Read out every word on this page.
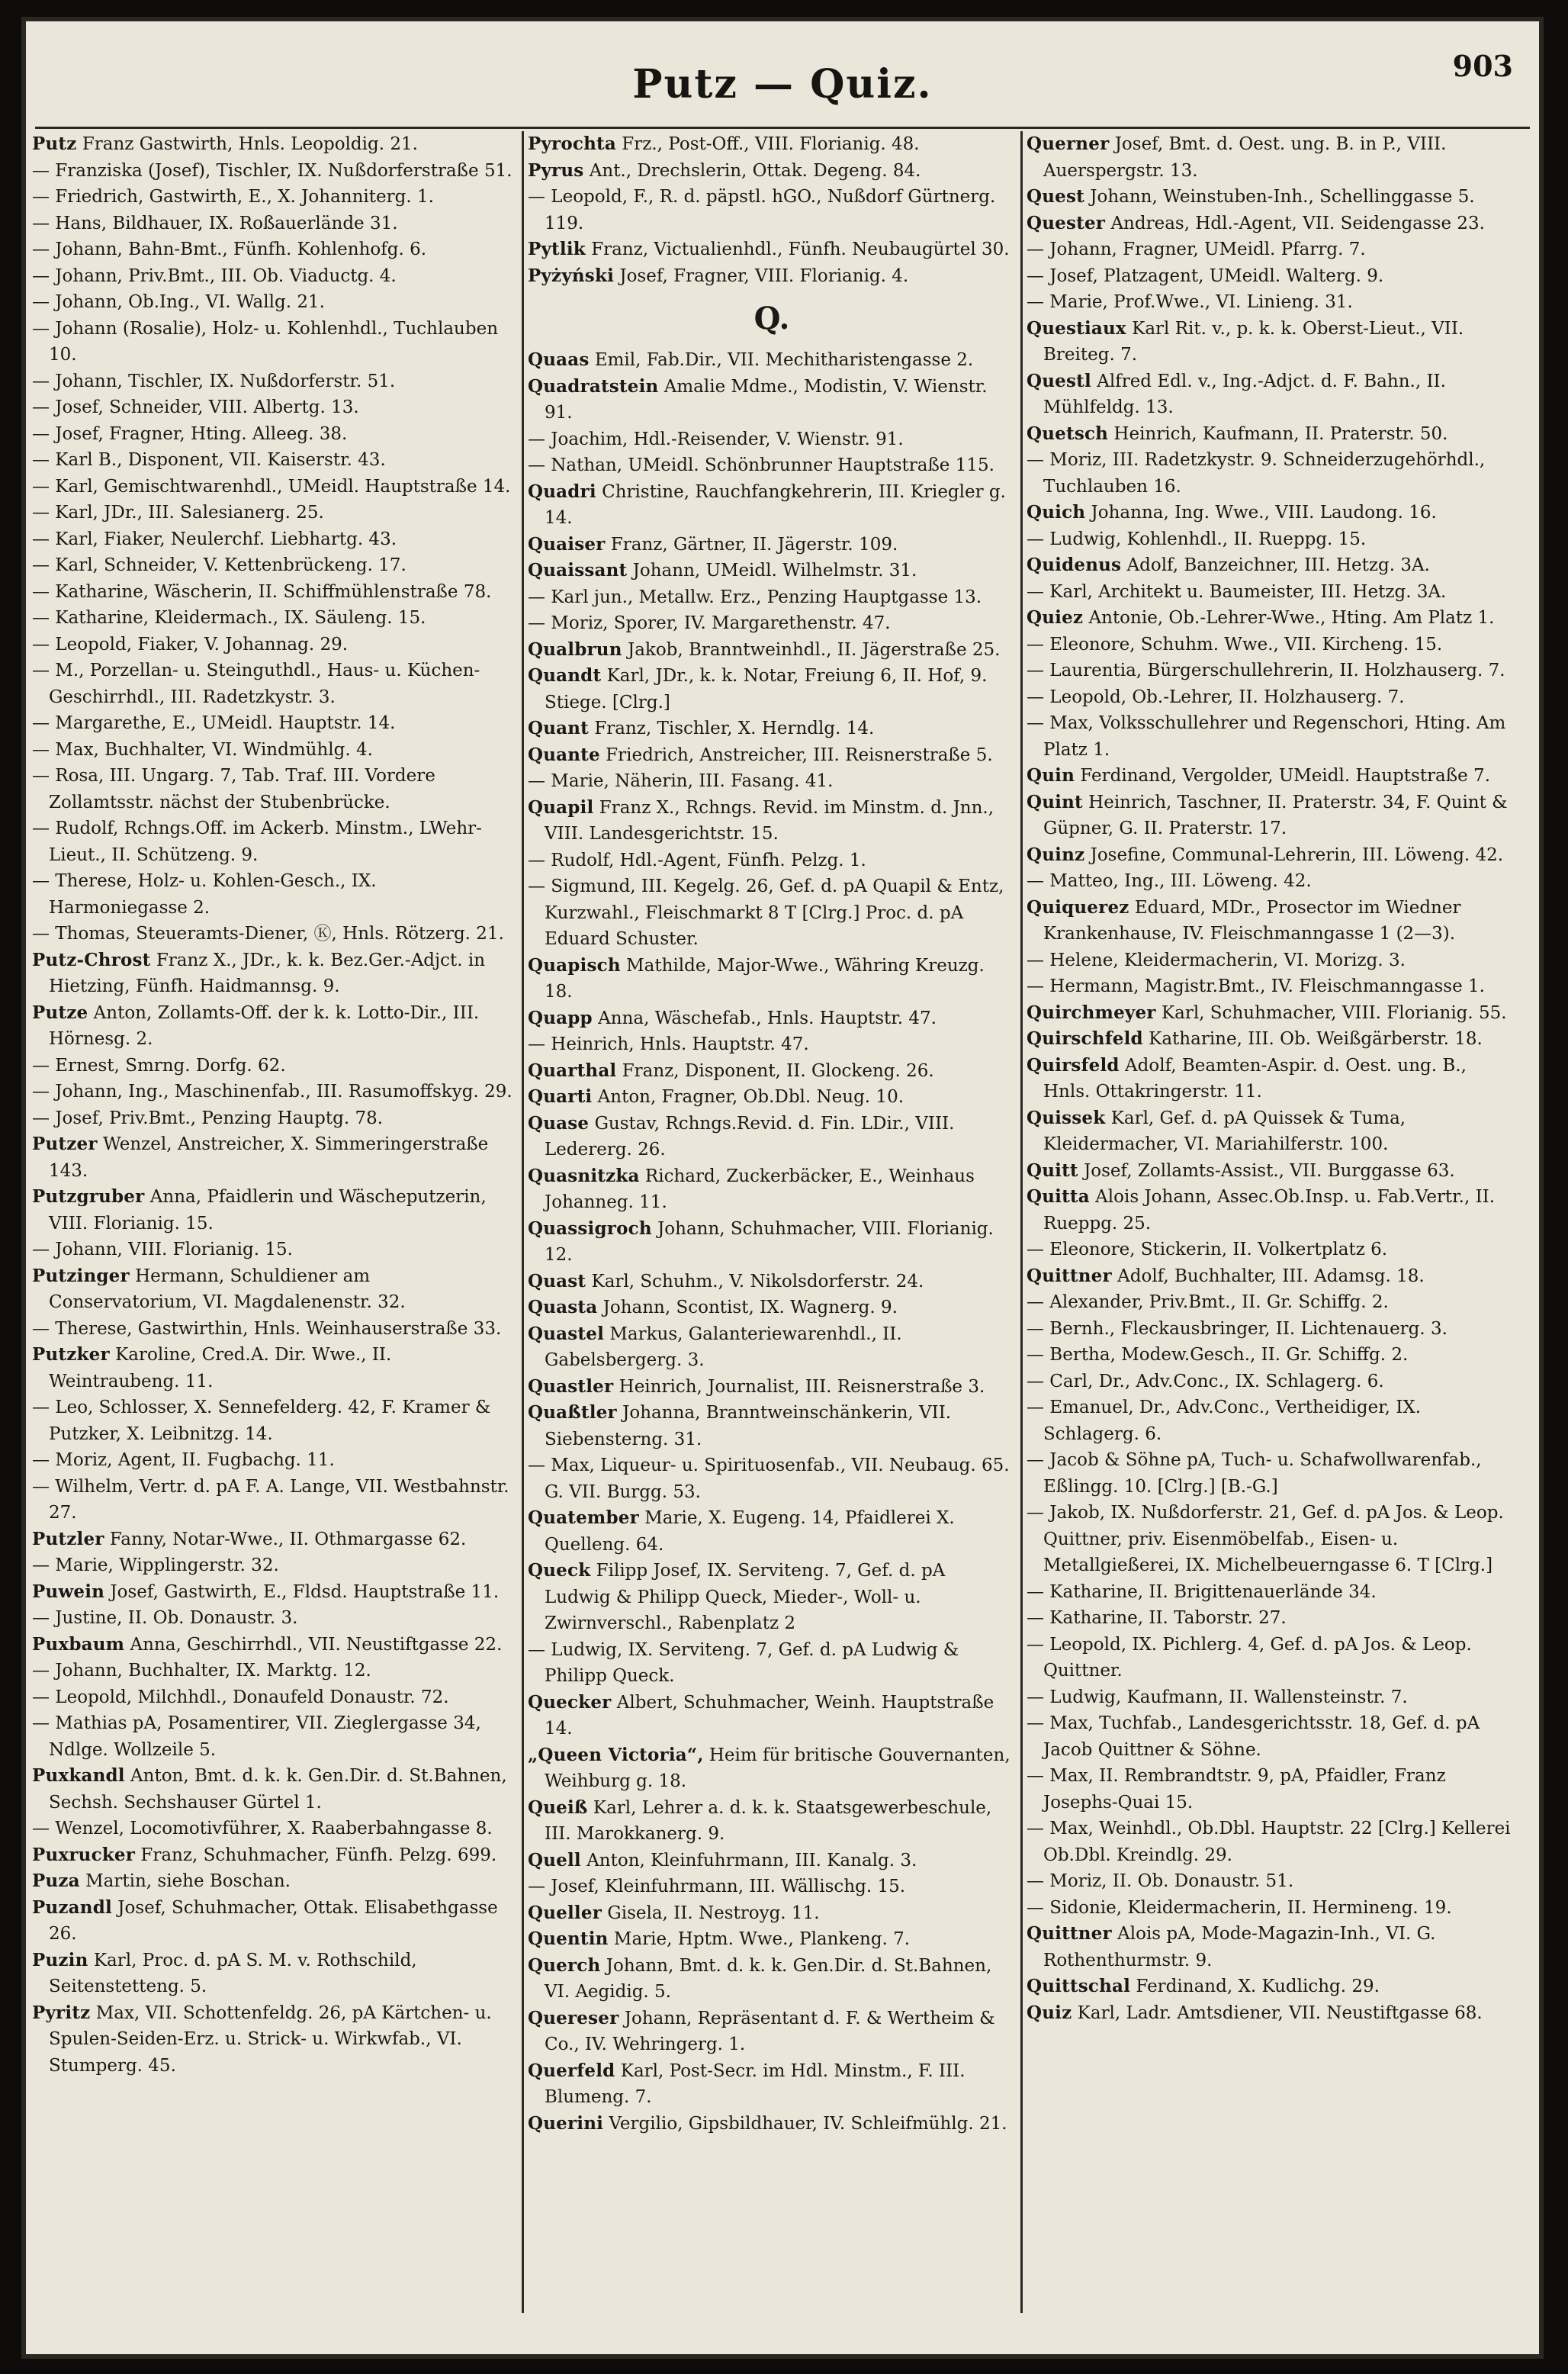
Putz — Quiz.	903

Putz Franz Gastwirth, Hnls. Leopoldig. 21.

— Franziska (Josef), Tischler, IX. Nußdorferstraße 51.

— Friedrich, Gastwirth, E., X. Johanniterg. 1.

— Hans, Bildhauer, IX. Roßauerlände 31.

— Johann, Bahn-Bmt., Fünfh. Kohlenhofg. 6.

— Johann, Priv.Bmt., III. Ob. Viaductg. 4.

— Johann, Ob.Ing., VI. Wallg. 21.

— Johann (Rosalie), Holz- u. Kohlenhdl., Tuchlauben 10.

— Johann, Tischler, IX. Nußdorferstr. 51.

— Josef, Schneider, VIII. Albertg. 13.

— Josef, Fragner, Hting. Alleeg. 38.

— Karl B., Disponent, VII. Kaiserstr. 43.

— Karl, Gemischtwarenhdl., UMeidl. Hauptstraße 14.

— Karl, JDr., III. Salesianerg. 25.

— Karl, Fiaker, Neulerchf. Liebhartg. 43.

— Karl, Schneider, V. Kettenbrückeng. 17.

— Katharine, Wäscherin, II. Schiffmühlenstraße 78.

— Katharine, Kleidermach., IX. Säuleng. 15.

— Leopold, Fiaker, V. Johannag. 29.

— M., Porzellan- u. Steinguthdl., Haus- u. Küchen-Geschirrhdl., III. Radetzkystr. 3.

— Margarethe, E., UMeidl. Hauptstr. 14.

— Max, Buchhalter, VI. Windmühlg. 4.

— Rosa, III. Ungarg. 7, Tab. Traf. III. Vordere Zollamtsstr. nächst der Stubenbrücke.

— Rudolf, Rchngs.Off. im Ackerb. Minstm., LWehr-Lieut., II. Schützeng. 9.

— Therese, Holz- u. Kohlen-Gesch., IX. Harmoniegasse 2.

— Thomas, Steueramts-Diener, Ⓚ, Hnls. Rötzerg. 21.

Putz-Chrost Franz X., JDr., k. k. Bez.Ger.-Adjct. in Hietzing, Fünfh. Haidmannsg. 9.

Putze Anton, Zollamts-Off. der k. k. Lotto-Dir., III. Hörnesg. 2.

— Ernest, Smrng. Dorfg. 62.

— Johann, Ing., Maschinenfab., III. Rasumoffskyg. 29.

— Josef, Priv.Bmt., Penzing Hauptg. 78.

Putzer Wenzel, Anstreicher, X. Simmeringerstraße 143.

Putzgruber Anna, Pfaidlerin und Wäscheputzerin, VIII. Florianig. 15.

— Johann, VIII. Florianig. 15.

Putzinger Hermann, Schuldiener am Conservatorium, VI. Magdalenenstr. 32.

— Therese, Gastwirthin, Hnls. Weinhauserstraße 33.

Putzker Karoline, Cred.A. Dir. Wwe., II. Weintraubeng. 11.

— Leo, Schlosser, X. Sennefelderg. 42, F. Kramer & Putzker, X. Leibnitzg. 14.

— Moriz, Agent, II. Fugbachg. 11.

— Wilhelm, Vertr. d. pA F. A. Lange, VII. Westbahnstr. 27.

Putzler Fanny, Notar-Wwe., II. Othmargasse 62.

— Marie, Wipplingerstr. 32.

Puwein Josef, Gastwirth, E., Fldsd. Hauptstraße 11.

— Justine, II. Ob. Donaustr. 3.

Puxbaum Anna, Geschirrhdl., VII. Neustiftgasse 22.

— Johann, Buchhalter, IX. Marktg. 12.

— Leopold, Milchhdl., Donaufeld Donaustr. 72.

— Mathias pA, Posamentirer, VII. Zieglergasse 34, Ndlge. Wollzeile 5.

Puxkandl Anton, Bmt. d. k. k. Gen.Dir. d. St.Bahnen, Sechsh. Sechshauser Gürtel 1.

— Wenzel, Locomotivführer, X. Raaberbahngasse 8.

Puxrucker Franz, Schuhmacher, Fünfh. Pelzg. 699.

Puza Martin, siehe Boschan.

Puzandl Josef, Schuhmacher, Ottak. Elisabethgasse 26.

Puzin Karl, Proc. d. pA S. M. v. Rothschild, Seitenstetteng. 5.

Pyritz Max, VII. Schottenfeldg. 26, pA Kärtchen- u. Spulen-Seiden-Erz. u. Strick- u. Wirkwfab., VI. Stumperg. 45.

Pyrochta Frz., Post-Off., VIII. Florianig. 48.

Pyrus Ant., Drechslerin, Ottak. Degeng. 84.

— Leopold, F., R. d. päpstl. hGO., Nußdorf Gürtnerg. 119.

Pytlik Franz, Victualienhdl., Fünfh. Neubaugürtel 30.

Pyżyński Josef, Fragner, VIII. Florianig. 4.

Q.

Quaas Emil, Fab.Dir., VII. Mechitharistengasse 2.

Quadratstein Amalie Mdme., Modistin, V. Wienstr. 91.

— Joachim, Hdl.-Reisender, V. Wienstr. 91.

— Nathan, UMeidl. Schönbrunner Hauptstraße 115.

Quadri Christine, Rauchfangkehrerin, III. Kriegler g. 14.

Quaiser Franz, Gärtner, II. Jägerstr. 109.

Quaissant Johann, UMeidl. Wilhelmstr. 31.

— Karl jun., Metallw. Erz., Penzing Hauptgasse 13.

— Moriz, Sporer, IV. Margarethenstr. 47.

Qualbrun Jakob, Branntweinhdl., II. Jägerstraße 25.

Quandt Karl, JDr., k. k. Notar, Freiung 6, II. Hof, 9. Stiege. [Clrg.]

Quant Franz, Tischler, X. Herndlg. 14.

Quante Friedrich, Anstreicher, III. Reisnerstraße 5.

— Marie, Näherin, III. Fasang. 41.

Quapil Franz X., Rchngs. Revid. im Minstm. d. Jnn., VIII. Landesgerichtstr. 15.

— Rudolf, Hdl.-Agent, Fünfh. Pelzg. 1.

— Sigmund, III. Kegelg. 26, Gef. d. pA Quapil & Entz, Kurzwahl., Fleischmarkt 8 T [Clrg.] Proc. d. pA Eduard Schuster.

Quapisch Mathilde, Major-Wwe., Währing Kreuzg. 18.

Quapp Anna, Wäschefab., Hnls. Hauptstr. 47.

— Heinrich, Hnls. Hauptstr. 47.

Quarthal Franz, Disponent, II. Glockeng. 26.

Quarti Anton, Fragner, Ob.Dbl. Neug. 10.

Quase Gustav, Rchngs.Revid. d. Fin. LDir., VIII. Ledererg. 26.

Quasnitzka Richard, Zuckerbäcker, E., Weinhaus Johanneg. 11.

Quassigroch Johann, Schuhmacher, VIII. Florianig. 12.

Quast Karl, Schuhm., V. Nikolsdorferstr. 24.

Quasta Johann, Scontist, IX. Wagnerg. 9.

Quastel Markus, Galanteriewarenhdl., II. Gabelsbergerg. 3.

Quastler Heinrich, Journalist, III. Reisnerstraße 3.

Quaßtler Johanna, Branntweinschänkerin, VII. Siebensterng. 31.

— Max, Liqueur- u. Spirituosenfab., VII. Neubaug. 65. G. VII. Burgg. 53.

Quatember Marie, X. Eugeng. 14, Pfaidlerei X. Quelleng. 64.

Queck Filipp Josef, IX. Serviteng. 7, Gef. d. pA Ludwig & Philipp Queck, Mieder-, Woll- u. Zwirnverschl., Rabenplatz 2

— Ludwig, IX. Serviteng. 7, Gef. d. pA Ludwig & Philipp Queck.

Quecker Albert, Schuhmacher, Weinh. Hauptstraße 14.

„Queen Victoria“, Heim für britische Gouvernanten, Weihburg g. 18.

Queiß Karl, Lehrer a. d. k. k. Staatsgewerbeschule, III. Marokkanerg. 9.

Quell Anton, Kleinfuhrmann, III. Kanalg. 3.

— Josef, Kleinfuhrmann, III. Wällischg. 15.

Queller Gisela, II. Nestroyg. 11.

Quentin Marie, Hptm. Wwe., Plankeng. 7.

Querch Johann, Bmt. d. k. k. Gen.Dir. d. St.Bahnen, VI. Aegidig. 5.

Quereser Johann, Repräsentant d. F. & Wertheim & Co., IV. Wehringerg. 1.

Querfeld Karl, Post-Secr. im Hdl. Minstm., F. III. Blumeng. 7.

Querini Vergilio, Gipsbildhauer, IV. Schleifmühlg. 21.

Querner Josef, Bmt. d. Oest. ung. B. in P., VIII. Auerspergstr. 13.

Quest Johann, Weinstuben-Inh., Schellinggasse 5.

Quester Andreas, Hdl.-Agent, VII. Seidengasse 23.

— Johann, Fragner, UMeidl. Pfarrg. 7.

— Josef, Platzagent, UMeidl. Walterg. 9.

— Marie, Prof.Wwe., VI. Linieng. 31.

Questiaux Karl Rit. v., p. k. k. Oberst-Lieut., VII. Breiteg. 7.

Questl Alfred Edl. v., Ing.-Adjct. d. F. Bahn., II. Mühlfeldg. 13.

Quetsch Heinrich, Kaufmann, II. Praterstr. 50.

— Moriz, III. Radetzkystr. 9. Schneiderzugehörhdl., Tuchlauben 16.

Quich Johanna, Ing. Wwe., VIII. Laudong. 16.

— Ludwig, Kohlenhdl., II. Rueppg. 15.

Quidenus Adolf, Banzeichner, III. Hetzg. 3A.

— Karl, Architekt u. Baumeister, III. Hetzg. 3A.

Quiez Antonie, Ob.-Lehrer-Wwe., Hting. Am Platz 1.

— Eleonore, Schuhm. Wwe., VII. Kircheng. 15.

— Laurentia, Bürgerschullehrerin, II. Holzhauserg. 7.

— Leopold, Ob.-Lehrer, II. Holzhauserg. 7.

— Max, Volksschullehrer und Regenschori, Hting. Am Platz 1.

Quin Ferdinand, Vergolder, UMeidl. Hauptstraße 7.

Quint Heinrich, Taschner, II. Praterstr. 34, F. Quint & Güpner, G. II. Praterstr. 17.

Quinz Josefine, Communal-Lehrerin, III. Löweng. 42.

— Matteo, Ing., III. Löweng. 42.

Quiquerez Eduard, MDr., Prosector im Wiedner Krankenhause, IV. Fleischmanngasse 1 (2—3).

— Helene, Kleidermacherin, VI. Morizg. 3.

— Hermann, Magistr.Bmt., IV. Fleischmanngasse 1.

Quirchmeyer Karl, Schuhmacher, VIII. Florianig. 55.

Quirschfeld Katharine, III. Ob. Weißgärberstr. 18.

Quirsfeld Adolf, Beamten-Aspir. d. Oest. ung. B., Hnls. Ottakringerstr. 11.

Quissek Karl, Gef. d. pA Quissek & Tuma, Kleidermacher, VI. Mariahilferstr. 100.

Quitt Josef, Zollamts-Assist., VII. Burggasse 63.

Quitta Alois Johann, Assec.Ob.Insp. u. Fab.Vertr., II. Rueppg. 25.

— Eleonore, Stickerin, II. Volkertplatz 6.

Quittner Adolf, Buchhalter, III. Adamsg. 18.

— Alexander, Priv.Bmt., II. Gr. Schiffg. 2.

— Bernh., Fleckausbringer, II. Lichtenauerg. 3.

— Bertha, Modew.Gesch., II. Gr. Schiffg. 2.

— Carl, Dr., Adv.Conc., IX. Schlagerg. 6.

— Emanuel, Dr., Adv.Conc., Vertheidiger, IX. Schlagerg. 6.

— Jacob & Söhne pA, Tuch- u. Schafwollwarenfab., Eßlingg. 10. [Clrg.] [B.-G.]

— Jakob, IX. Nußdorferstr. 21, Gef. d. pA Jos. & Leop. Quittner, priv. Eisenmöbelfab., Eisen- u. Metallgießerei, IX. Michelbeuerngasse 6. T [Clrg.]

— Katharine, II. Brigittenauerlände 34.

— Katharine, II. Taborstr. 27.

— Leopold, IX. Pichlerg. 4, Gef. d. pA Jos. & Leop. Quittner.

— Ludwig, Kaufmann, II. Wallensteinstr. 7.

— Max, Tuchfab., Landesgerichtsstr. 18, Gef. d. pA Jacob Quittner & Söhne.

— Max, II. Rembrandtstr. 9, pA, Pfaidler, Franz Josephs-Quai 15.

— Max, Weinhdl., Ob.Dbl. Hauptstr. 22 [Clrg.] Kellerei Ob.Dbl. Kreindlg. 29.

— Moriz, II. Ob. Donaustr. 51.

— Sidonie, Kleidermacherin, II. Hermineng. 19.

Quittner Alois pA, Mode-Magazin-Inh., VI. G. Rothenthurmstr. 9.

Quittschal Ferdinand, X. Kudlichg. 29.

Quiz Karl, Ladr. Amtsdiener, VII. Neustiftgasse 68.
